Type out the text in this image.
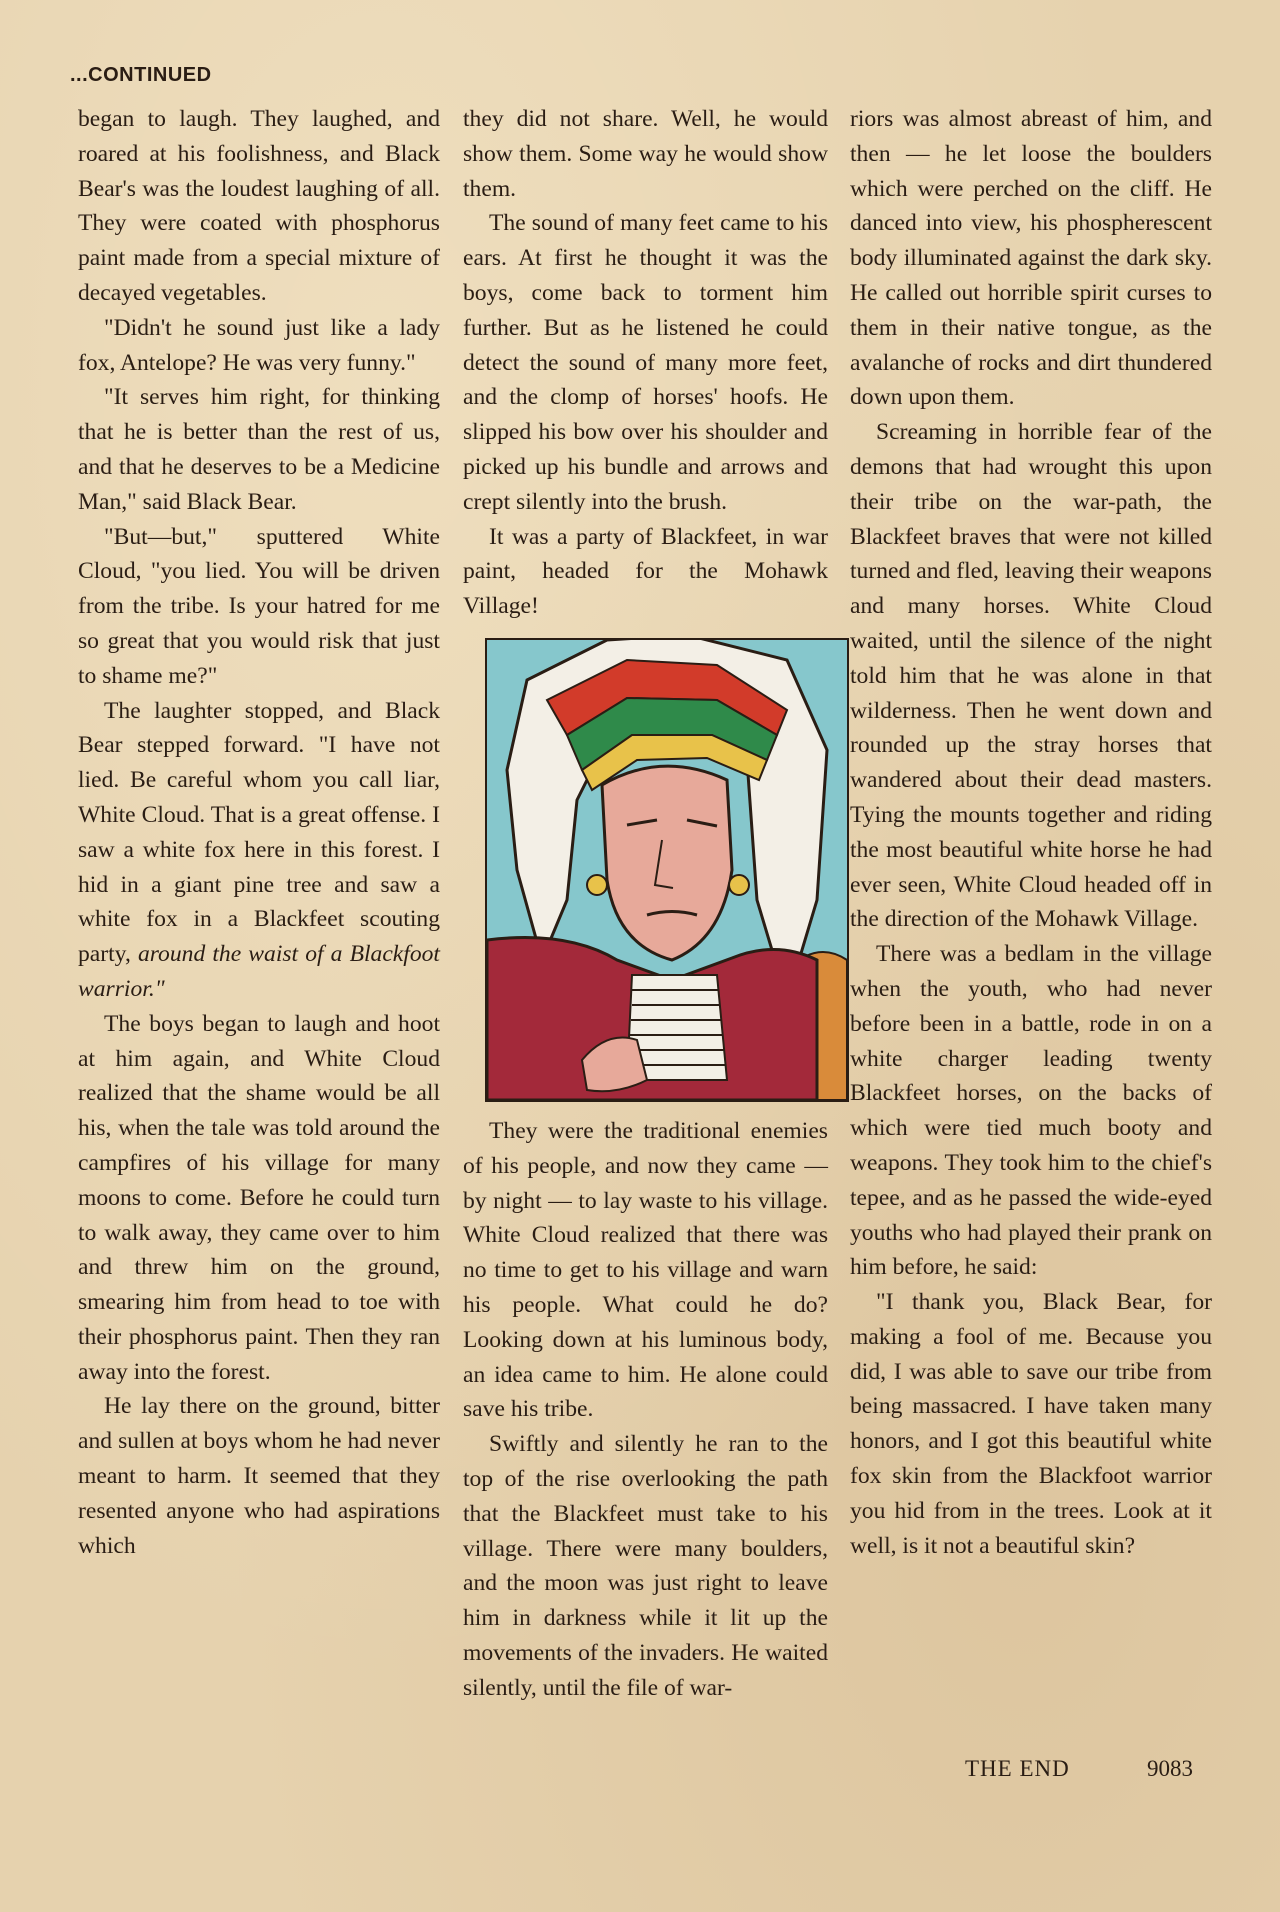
...CONTINUED

began to laugh. They laughed, and roared at his foolishness, and Black Bear's was the loudest laughing of all. They were coated with phosphorus paint made from a special mixture of decayed vegetables.

"Didn't he sound just like a lady fox, Antelope? He was very funny."

"It serves him right, for thinking that he is better than the rest of us, and that he deserves to be a Medicine Man," said Black Bear.

"But—but," sputtered White Cloud, "you lied. You will be driven from the tribe. Is your hatred for me so great that you would risk that just to shame me?"

The laughter stopped, and Black Bear stepped forward. "I have not lied. Be careful whom you call liar, White Cloud. That is a great offense. I saw a white fox here in this forest. I hid in a giant pine tree and saw a white fox in a Blackfeet scouting party, around the waist of a Blackfoot warrior."

The boys began to laugh and hoot at him again, and White Cloud realized that the shame would be all his, when the tale was told around the campfires of his village for many moons to come. Before he could turn to walk away, they came over to him and threw him on the ground, smearing him from head to toe with their phosphorus paint. Then they ran away into the forest.

He lay there on the ground, bitter and sullen at boys whom he had never meant to harm. It seemed that they resented anyone who had aspirations which

they did not share. Well, he would show them. Some way he would show them.

The sound of many feet came to his ears. At first he thought it was the boys, come back to torment him further. But as he listened he could detect the sound of many more feet, and the clomp of horses' hoofs. He slipped his bow over his shoulder and picked up his bundle and arrows and crept silently into the brush.

It was a party of Blackfeet, in war paint, headed for the Mohawk Village!

They were the traditional enemies of his people, and now they came — by night — to lay waste to his village. White Cloud realized that there was no time to get to his village and warn his people. What could he do? Looking down at his luminous body, an idea came to him. He alone could save his tribe.

Swiftly and silently he ran to the top of the rise overlooking the path that the Blackfeet must take to his village. There were many boulders, and the moon was just right to leave him in darkness while it lit up the movements of the invaders. He waited silently, until the file of war-

riors was almost abreast of him, and then — he let loose the boulders which were perched on the cliff. He danced into view, his phospherescent body illuminated against the dark sky. He called out horrible spirit curses to them in their native tongue, as the avalanche of rocks and dirt thundered down upon them.

Screaming in horrible fear of the demons that had wrought this upon their tribe on the war-path, the Blackfeet braves that were not killed turned and fled, leaving their weapons and many horses. White Cloud waited, until the silence of the night told him that he was alone in that wilderness. Then he went down and rounded up the stray horses that wandered about their dead masters. Tying the mounts together and riding the most beautiful white horse he had ever seen, White Cloud headed off in the direction of the Mohawk Village.

There was a bedlam in the village when the youth, who had never before been in a battle, rode in on a white charger leading twenty Blackfeet horses, on the backs of which were tied much booty and weapons. They took him to the chief's tepee, and as he passed the wide-eyed youths who had played their prank on him before, he said:

"I thank you, Black Bear, for making a fool of me. Because you did, I was able to save our tribe from being massacred. I have taken many honors, and I got this beautiful white fox skin from the Blackfoot warrior you hid from in the trees. Look at it well, is it not a beautiful skin?

THE END	9083
